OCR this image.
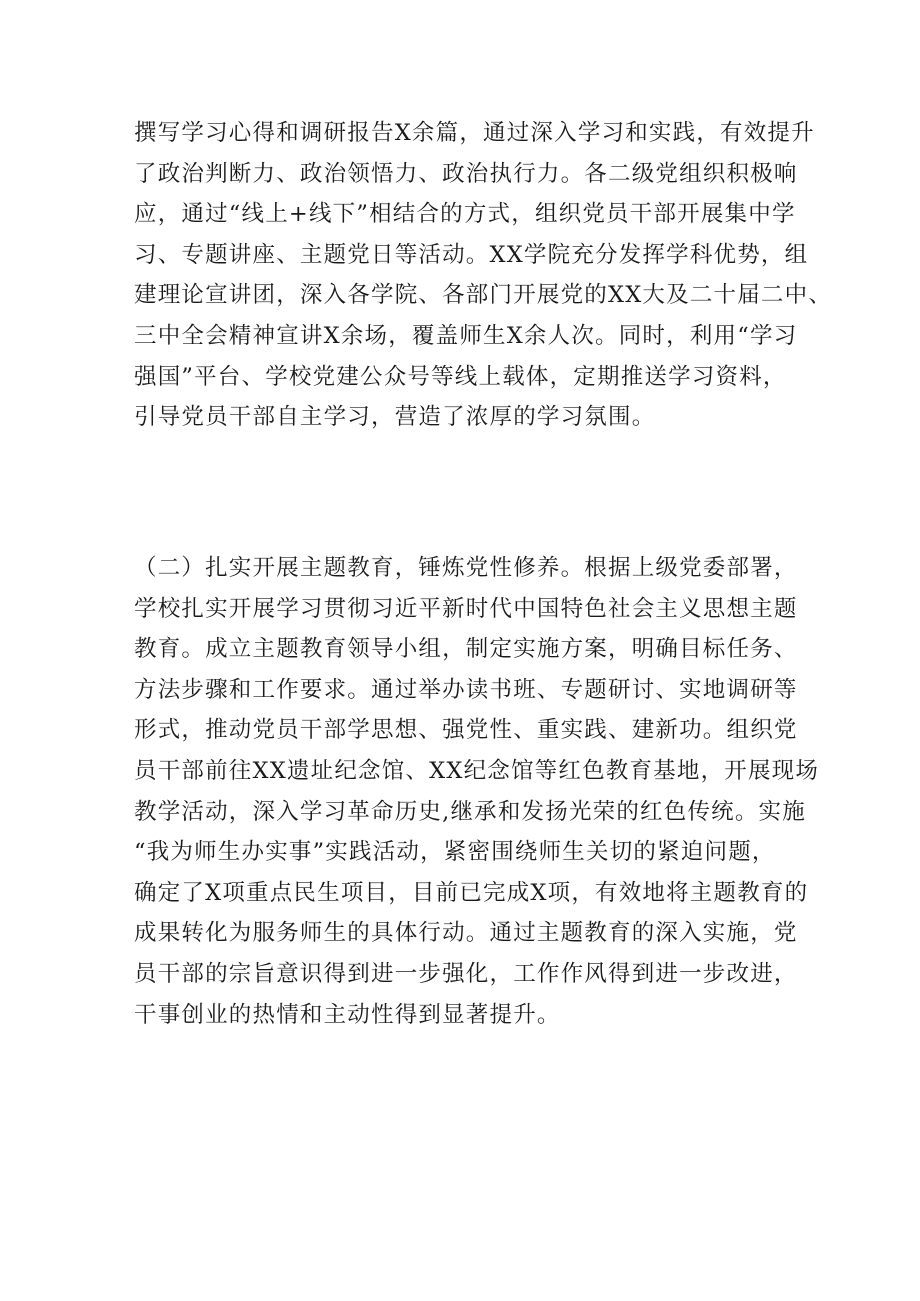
撰写学习心得和调研报告X余篇，通过深入学习和实践，有效提升
了政治判断力、政治领悟力、政治执行力。各二级党组织积极响
应，通过“线上+线下”相结合的方式，组织党员干部开展集中学
习、专题讲座、主题党日等活动。XX学院充分发挥学科优势，组
建理论宣讲团，深入各学院、各部门开展党的XX大及二十届二中、
三中全会精神宣讲X余场，覆盖师生X余人次。同时，利用“学习
强国”平台、学校党建公众号等线上载体，定期推送学习资料，
引导党员干部自主学习，营造了浓厚的学习氛围。
（二）扎实开展主题教育，锤炼党性修养。根据上级党委部署，
学校扎实开展学习贯彻习近平新时代中国特色社会主义思想主题
教育。成立主题教育领导小组，制定实施方案，明确目标任务、
方法步骤和工作要求。通过举办读书班、专题研讨、实地调研等
形式，推动党员干部学思想、强党性、重实践、建新功。组织党
员干部前往XX遗址纪念馆、XX纪念馆等红色教育基地，开展现场
教学活动，深入学习革命历史,继承和发扬光荣的红色传统。实施
“我为师生办实事”实践活动，紧密围绕师生关切的紧迫问题，
确定了X项重点民生项目，目前已完成X项，有效地将主题教育的
成果转化为服务师生的具体行动。通过主题教育的深入实施，党
员干部的宗旨意识得到进一步强化，工作作风得到进一步改进，
干事创业的热情和主动性得到显著提升。
